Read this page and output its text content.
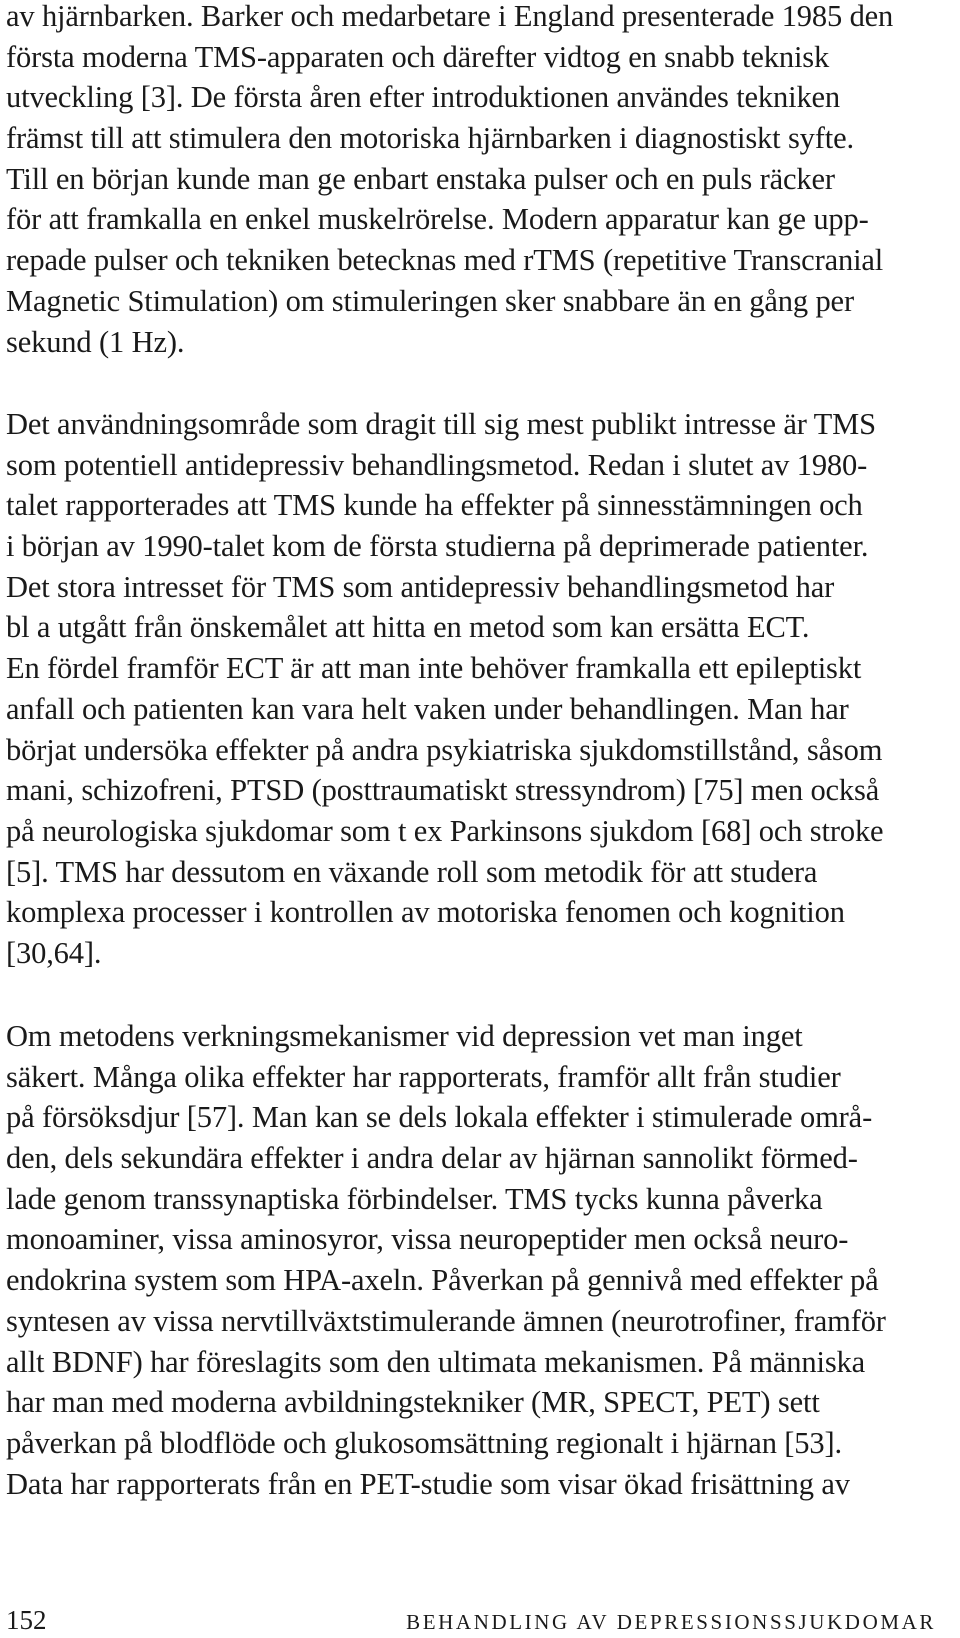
av hjärnbarken. Barker och medarbetare i England presenterade 1985 den
första moderna TMS-apparaten och därefter vidtog en snabb teknisk
utveckling [3]. De första åren efter introduktionen användes tekniken
främst till att stimulera den motoriska hjärnbarken i diagnostiskt syfte.
Till en början kunde man ge enbart enstaka pulser och en puls räcker
för att framkalla en enkel muskelrörelse. Modern apparatur kan ge upp-
repade pulser och tekniken betecknas med rTMS (repetitive Transcranial
Magnetic Stimulation) om stimuleringen sker snabbare än en gång per
sekund (1 Hz).
Det användningsområde som dragit till sig mest publikt intresse är TMS
som potentiell antidepressiv behandlingsmetod. Redan i slutet av 1980-
talet rapporterades att TMS kunde ha effekter på sinnesstämningen och
i början av 1990-talet kom de första studierna på deprimerade patienter.
Det stora intresset för TMS som antidepressiv behandlingsmetod har
bl a utgått från önskemålet att hitta en metod som kan ersätta ECT.
En fördel framför ECT är att man inte behöver framkalla ett epileptiskt
anfall och patienten kan vara helt vaken under behandlingen. Man har
börjat undersöka effekter på andra psykiatriska sjukdomstillstånd, såsom
mani, schizofreni, PTSD (posttraumatiskt stressyndrom) [75] men också
på neurologiska sjukdomar som t ex Parkinsons sjukdom [68] och stroke
[5]. TMS har dessutom en växande roll som metodik för att studera
komplexa processer i kontrollen av motoriska fenomen och kognition
[30,64].
Om metodens verkningsmekanismer vid depression vet man inget
säkert. Många olika effekter har rapporterats, framför allt från studier
på försöksdjur [57]. Man kan se dels lokala effekter i stimulerade områ-
den, dels sekundära effekter i andra delar av hjärnan sannolikt förmed-
lade genom transsynaptiska förbindelser. TMS tycks kunna påverka
monoaminer, vissa aminosyror, vissa neuropeptider men också neuro-
endokrina system som HPA-axeln. Påverkan på gennivå med effekter på
syntesen av vissa nervtillväxtstimulerande ämnen (neurotrofiner, framför
allt BDNF) har föreslagits som den ultimata mekanismen. På människa
har man med moderna avbildningstekniker (MR, SPECT, PET) sett
påverkan på blodflöde och glukosomsättning regionalt i hjärnan [53].
Data har rapporterats från en PET-studie som visar ökad frisättning av
152	BEHANDLING AV DEPRESSIONSSJUKDOMAR
